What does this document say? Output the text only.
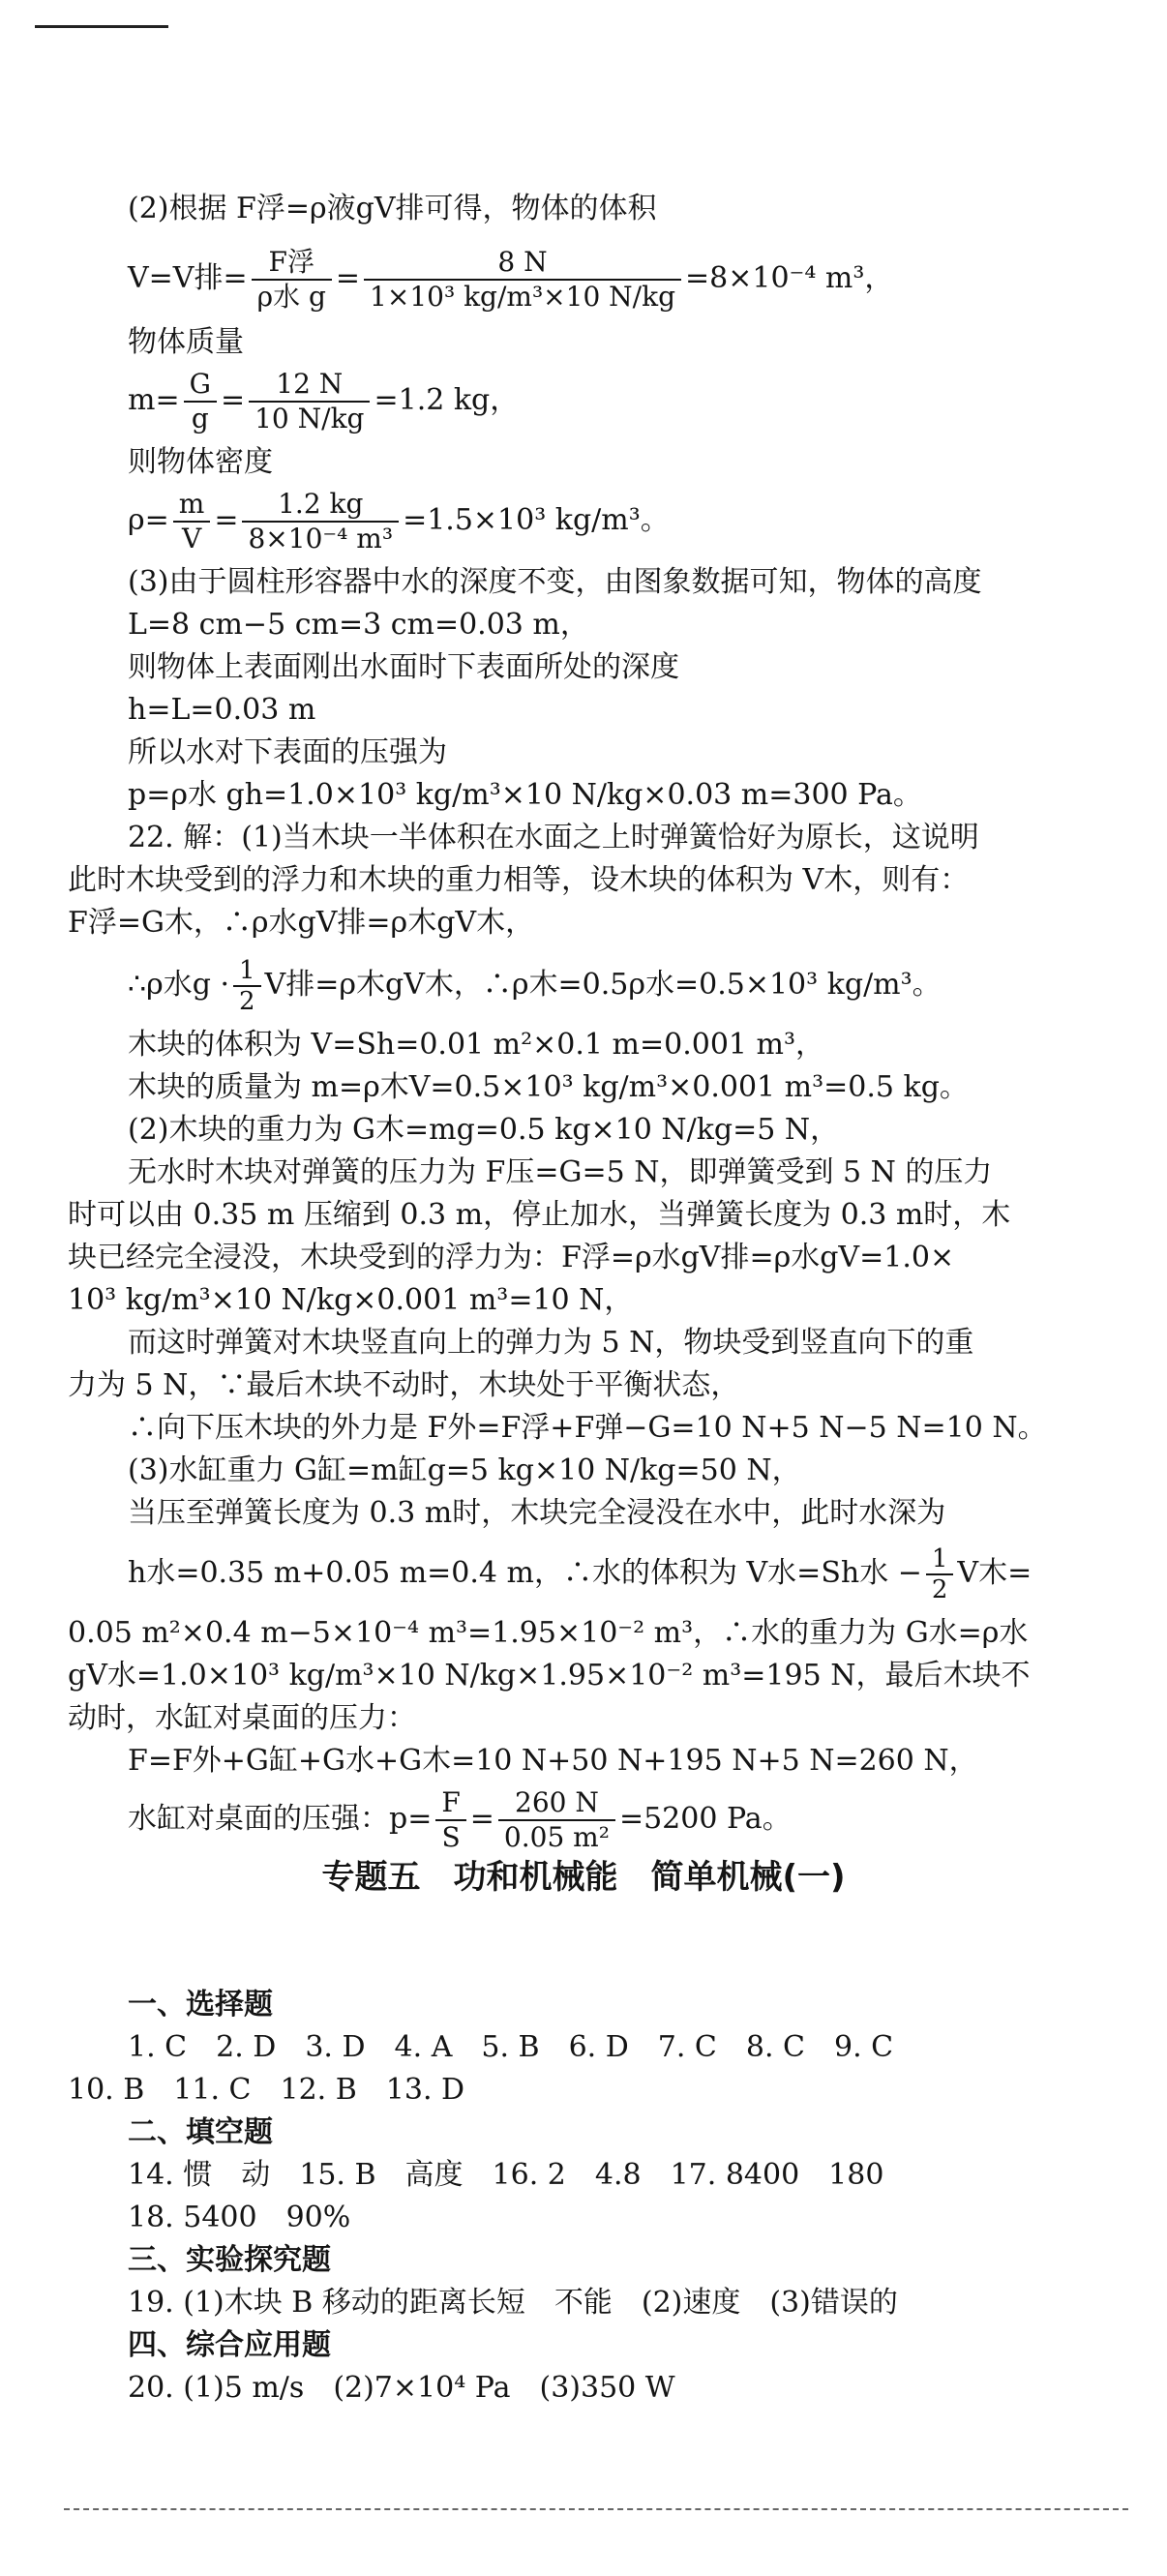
(2)根据 F浮=ρ液gV排可得，物体的体积
V=V排= $\frac{\text{F浮}}{\text{ρ水 g}} = \frac{8 N}{\text{1×10³ kg/m³×10 N/kg}} =8\times 10^{-4}$ m³，
物体质量
$m= \frac{G}{g} = \frac{12 N}{10 N/kg} =1.2$ kg，
则物体密度
$\rho= \frac{m}{V} = \frac{1.2 kg}{\text{8×10⁻⁴ m³}} =1.5\times 10^3$ kg/m³。
(3)由于圆柱形容器中水的深度不变，由图象数据可知，物体的高度
L=8 cm−5 cm=3 cm=0.03 m，
则物体上表面刚出水面时下表面所处的深度
h=L=0.03 m
所以水对下表面的压强为
p=ρ水 gh=1.0×10³ kg/m³×10 N/kg×0.03 m=300 Pa。
22. 解：(1)当木块一半体积在水面之上时弹簧恰好为原长，这说明
此时木块受到的浮力和木块的重力相等，设木块的体积为 V木，则有：
F浮=G木，∴ρ水gV排=ρ木gV木，
∴ρ水$g \cdot \frac{1}{2}$ V排=ρ木gV木，∴ρ木=0.5ρ水=0.5×10³ kg/m³。
木块的体积为 V=Sh=0.01 m²×0.1 m=0.001 m³，
木块的质量为 m=ρ木V=0.5×10³ kg/m³×0.001 m³=0.5 kg。
(2)木块的重力为 G木=mg=0.5 kg×10 N/kg=5 N，
无水时木块对弹簧的压力为 F压=G=5 N，即弹簧受到 5 N 的压力
时可以由 0.35 m 压缩到 0.3 m，停止加水，当弹簧长度为 0.3 m时，木
块已经完全浸没，木块受到的浮力为：F浮=ρ水gV排=ρ水gV=1.0×
10³ kg/m³×10 N/kg×0.001 m³=10 N，
而这时弹簧对木块竖直向上的弹力为 5 N，物块受到竖直向下的重
力为 5 N，∵最后木块不动时，木块处于平衡状态，
∴向下压木块的外力是 F外=F浮+F弹−G=10 N+5 N−5 N=10 N。
(3)水缸重力 G缸=m缸g=5 kg×10 N/kg=50 N，
当压至弹簧长度为 0.3 m时，木块完全浸没在水中，此时水深为
h水=0.35 m+0.05 m=0.4 m，∴水的体积为 V水=Sh水 − $\frac{1}{2}$ V木=
0.05 m²×0.4 m−5×10⁻⁴ m³=1.95×10⁻² m³，∴水的重力为 G水=ρ水
gV水=1.0×10³ kg/m³×10 N/kg×1.95×10⁻² m³=195 N，最后木块不
动时，水缸对桌面的压力：
F=F外+G缸+G水+G木=10 N+50 N+195 N+5 N=260 N，
水缸对桌面的压强：$p= \frac{F}{S} = \frac{260 N}{\text{0.05 m²}} =5200$ Pa。
专题五　功和机械能　简单机械(一)
一、选择题
1. C　2. D　3. D　4. A　5. B　6. D　7. C　8. C　9. C
10. B　11. C　12. B　13. D
二、填空题
14. 惯　动　15. B　高度　16. 2　4.8　17. 8400　180
18. 5400　90%
三、实验探究题
19. (1)木块 B 移动的距离长短　不能　(2)速度　(3)错误的
四、综合应用题
20. (1)5 m/s　(2)7×10⁴ Pa　(3)350 W
